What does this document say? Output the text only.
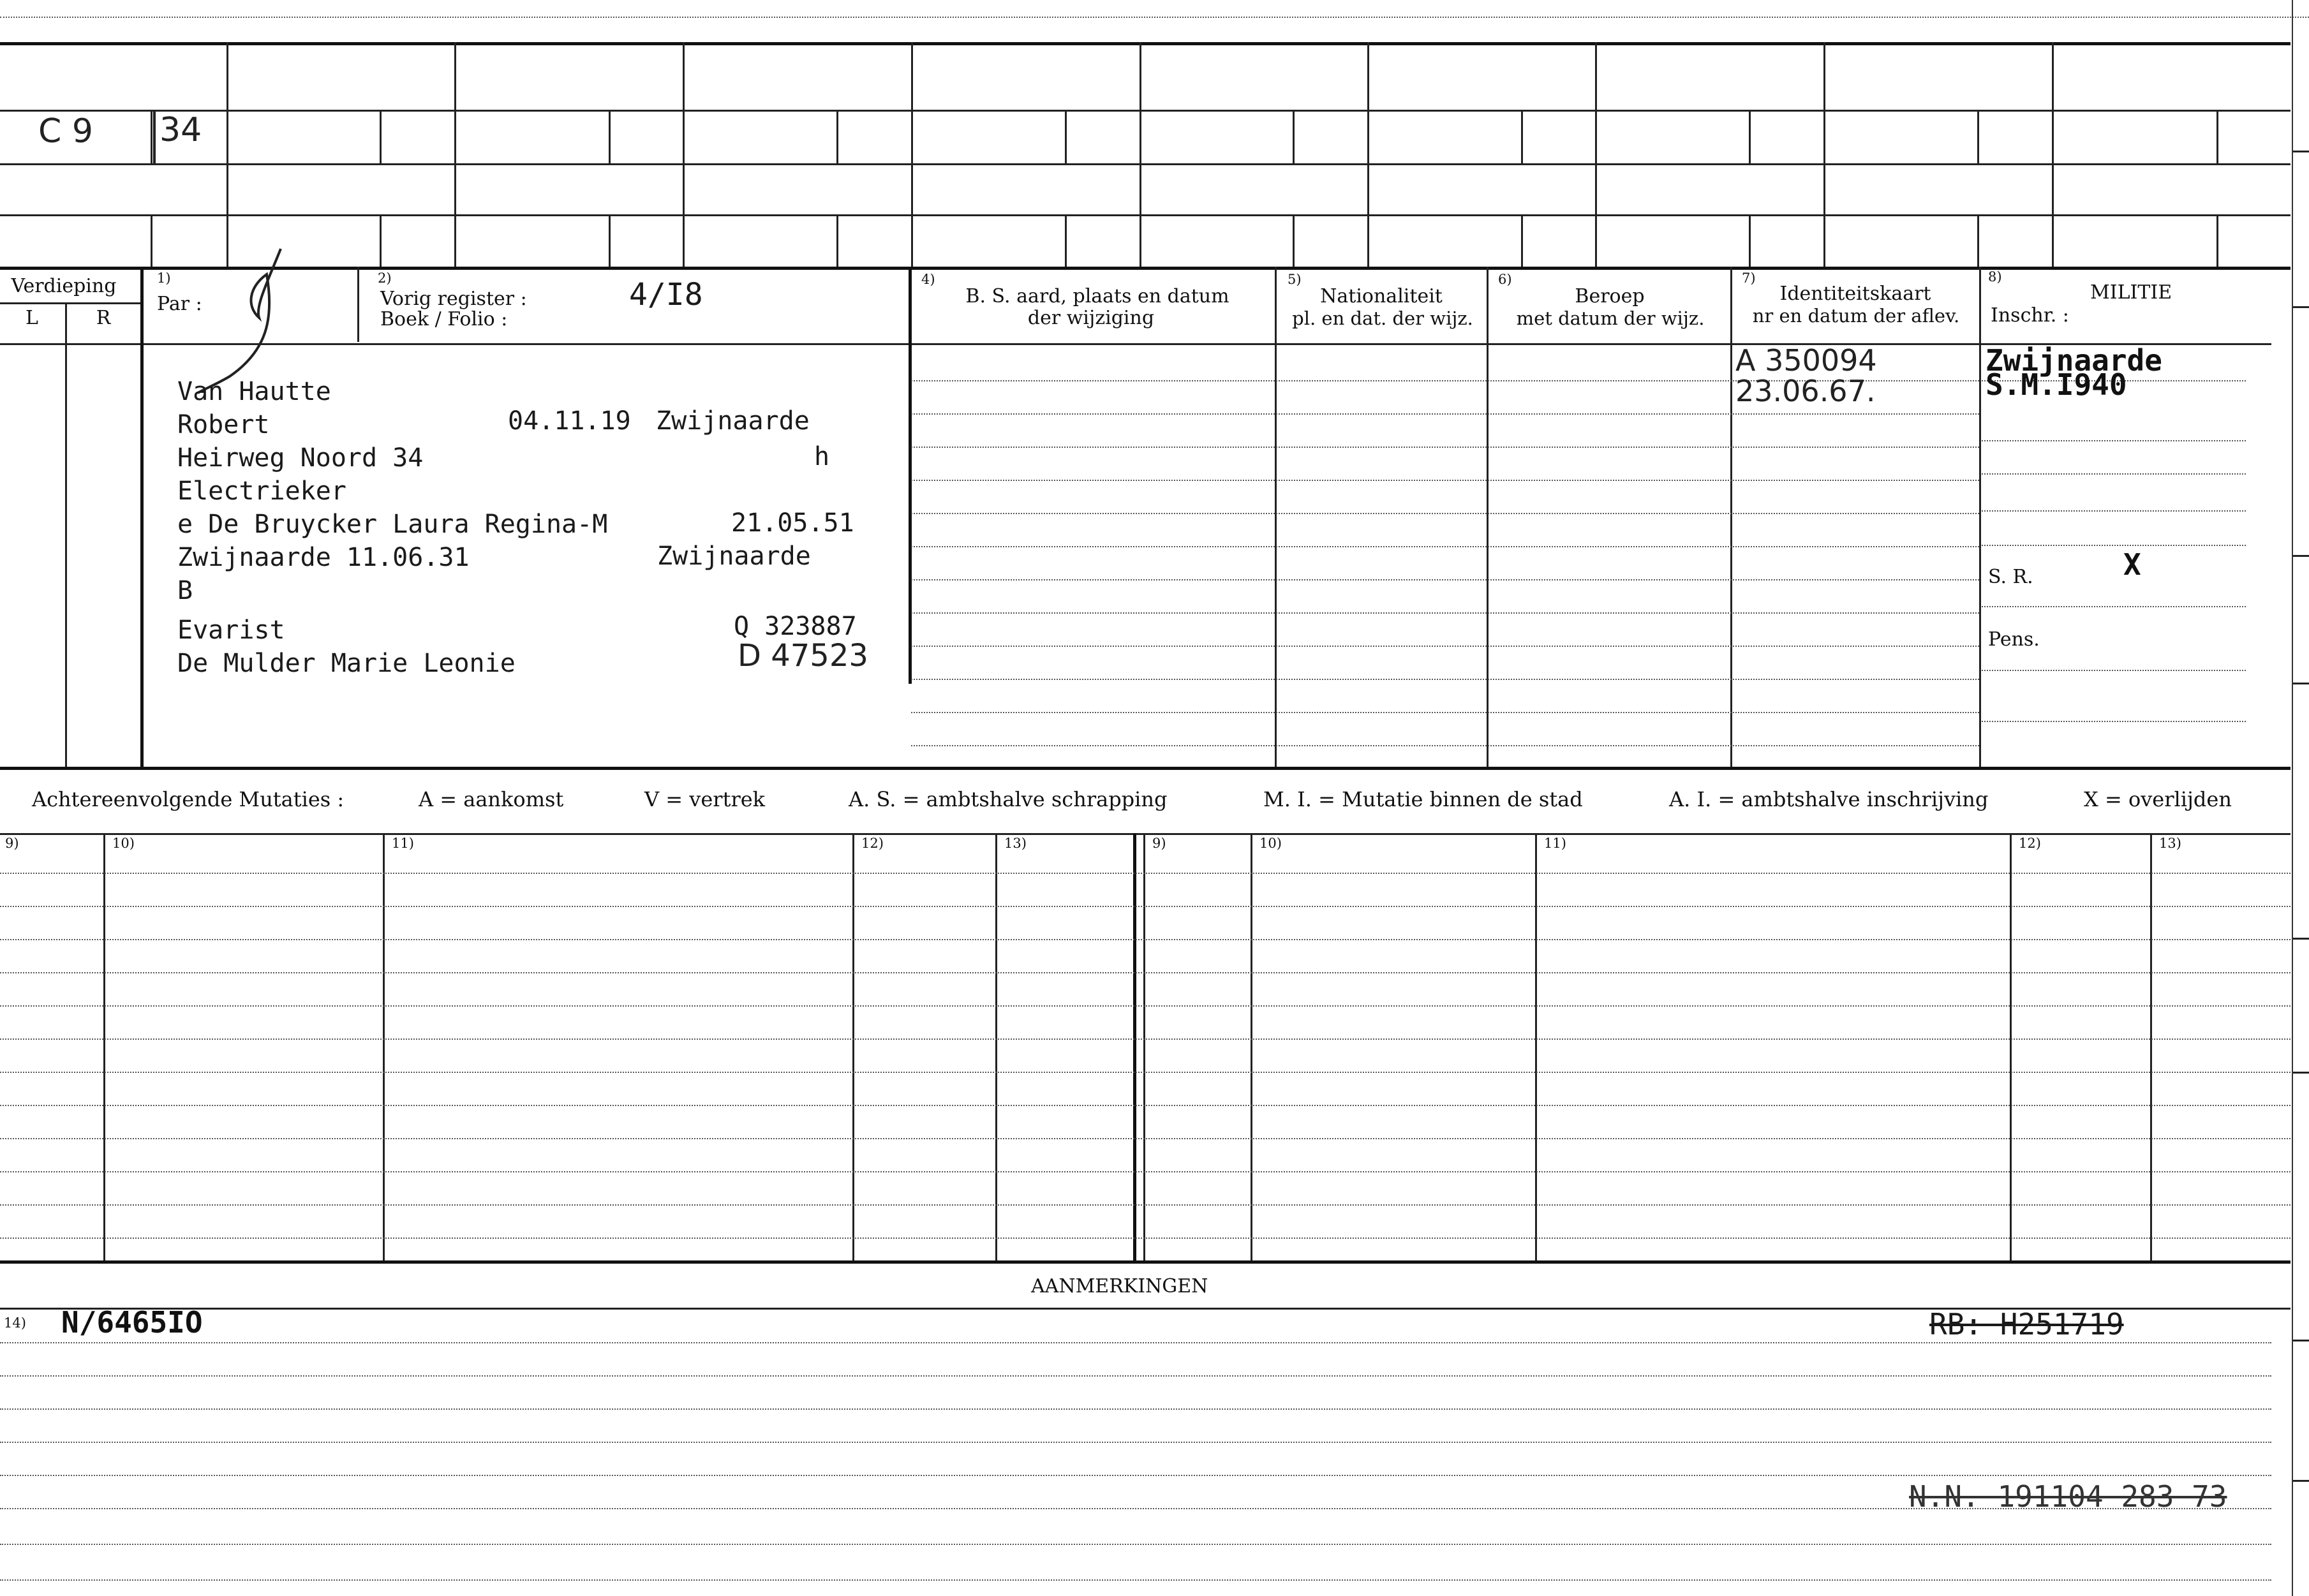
C 9 34
Verdieping
L	R
1)
Par :
2)
Vorig register :
Boek / Folio :
4/I8	4)
B. S. aard, plaats en datum
der wijziging
5)
Nationaliteit
pl. en dat. der wijz.
6)
Beroep
met datum der wijz.
7)
Identiteitskaart
nr en datum der aflev.
8)
MILITIE
Inschr. :
Van Hautte
Robert	04.11.19 Zwijnaarde
Heirweg Noord 34	h
Electrieker
e De Bruycker Laura Regina-M	21.05.51
Zwijnaarde 11.06.31	Zwijnaarde
B
Evarist	Q 323887
De Mulder Marie Leonie	D 47523
A 350094
23.06.67.
Zwijnaarde
S.M.I940
S. R.	X
Pens.
Achtereenvolgende Mutaties :	A = aankomst	V = vertrek	A. S. = ambtshalve schrapping	M. I. = Mutatie binnen de stad	A. I. = ambtshalve inschrijving	X = overlijden
9)	10)	11)	12)	13)	9)	10)	11)	12)	13)
AANMERKINGEN
14) N/6465IO	RB: H251719
N.N. 191104 283 73
